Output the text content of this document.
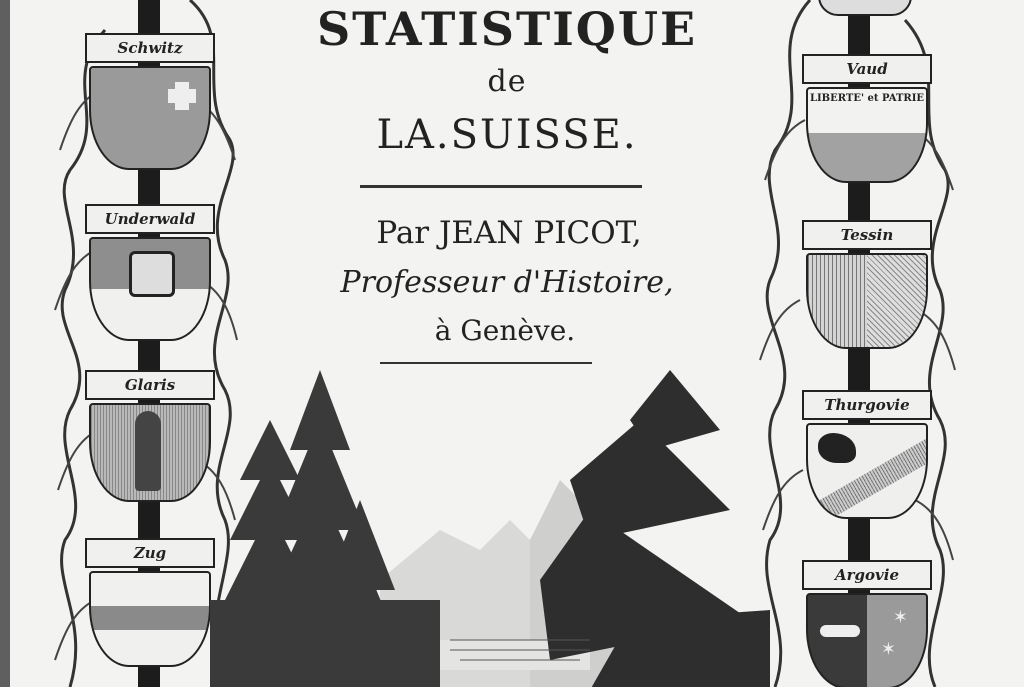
STATISTIQUE
de
LA.SUISSE.
Par JEAN PICOT,
Professeur d'Histoire,
à Genève.
Schwitz
Underwald
Glaris
Zug
Vaud
LIBERTE' et PATRIE
Tessin
Thurgovie
Argovie
✶
✶
